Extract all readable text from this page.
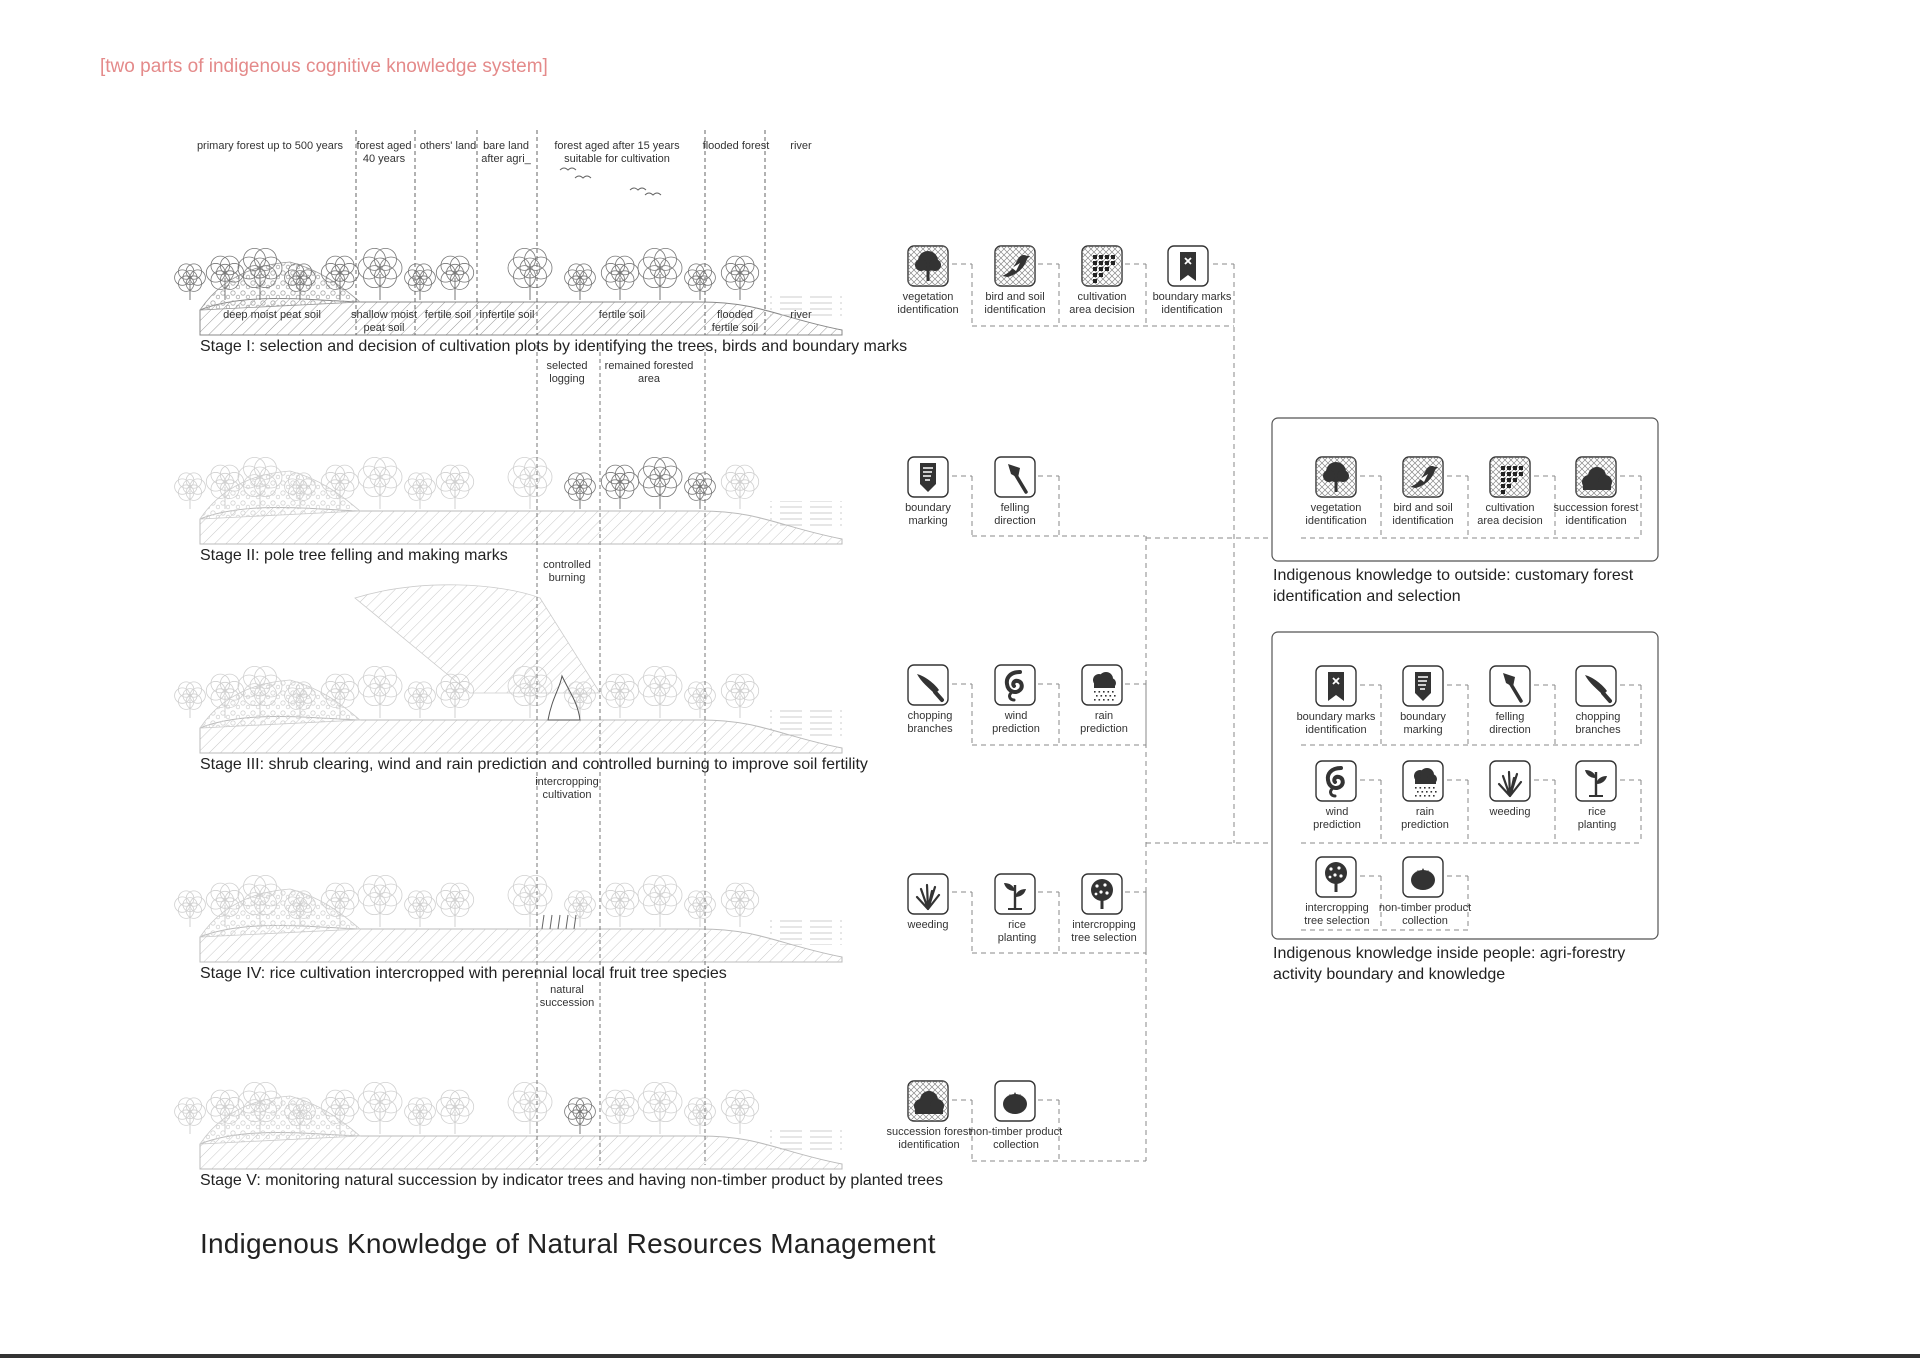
[two parts of indigenous cognitive knowledge system]
primary forest up to 500 years forest aged 40 years
others' land bare land after agri_
forest aged after 15 years suitable for cultivation
flooded forest river
deep moist peat soil	shallow moist peat soil
fertile soil infertile soil	fertile soil	flooded fertile soil
river
Stage I: selection and decision of cultivation plots by identifying the trees, birds and boundary marks
Stage II: pole tree felling and making marks
Stage III: shrub clearing, wind and rain prediction and controlled burning to improve soil fertility
Stage IV: rice cultivation intercropped with perennial local fruit tree species
Stage V: monitoring natural succession by indicator trees and having non-timber product by planted trees
selected logging
remained forested area
controlled burning
intercropping cultivation
natural succession
vegetation identification
bird and soil identification
cultivation area decision
boundary marks identification
boundary marking
felling direction
chopping branches
wind prediction
rain prediction
weeding	rice planting
intercropping tree selection
succession forest identification
non-timber product collection
vegetation identification
bird and soil identification
cultivation area decision
succession forest identification
Indigenous knowledge to outside: customary forest identification and selection
boundary marks identification
boundary marking
felling direction
chopping branches
wind prediction
rain prediction
weeding	rice planting
intercropping tree selection
non-timber product collection
Indigenous knowledge inside people: agri-forestry activity boundary and knowledge
Indigenous Knowledge of Natural Resources Management
